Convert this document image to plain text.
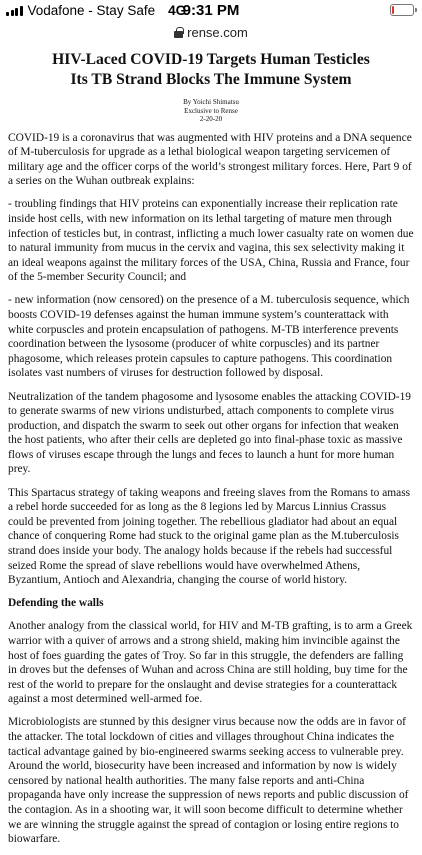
Vodafone - Stay Safe 4G
9:31 PM
rense.com
HIV-Laced COVID-19 Targets Human Testicles
Its TB Strand Blocks The Immune System
By Yoichi Shimatsu
Exclusive to Rense
2-20-20

COVID-19 is a coronavirus that was augmented with HIV proteins and a DNA sequence of M-tuberculosis for upgrade as a lethal biological weapon targeting servicemen of military age and the officer corps of the world’s strongest military forces. Here, Part 9 of a series on the Wuhan outbreak explains:

- troubling findings that HIV proteins can exponentially increase their replication rate inside host cells, with new information on its lethal targeting of mature men through infection of testicles but, in contrast, inflicting a much lower casualty rate on women due to natural immunity from mucus in the cervix and vagina, this sex selectivity making it an ideal weapons against the military forces of the USA, China, Russia and France, four of the 5-member Security Council; and

- new information (now censored) on the presence of a M. tuberculosis sequence, which boosts COVID-19 defenses against the human immune system’s counterattack with white corpuscles and protein encapsulation of pathogens. M-TB interference prevents coordination between the lysosome (producer of white corpuscles) and its partner phagosome, which releases protein capsules to capture pathogens. This coordination isolates vast numbers of viruses for destruction followed by disposal.

Neutralization of the tandem phagosome and lysosome enables the attacking COVID-19 to generate swarms of new virions undisturbed, attach components to complete virus production, and dispatch the swarm to seek out other organs for infection that weaken the host patients, who after their cells are depleted go into final-phase toxic as massive flows of viruses escape through the lungs and feces to launch a hunt for more human prey.

This Spartacus strategy of taking weapons and freeing slaves from the Romans to amass a rebel horde succeeded for as long as the 8 legions led by Marcus Linnius Crassus could be prevented from joining together. The rebellious gladiator had about an equal chance of conquering Rome had stuck to the original game plan as the M.tuberculosis strand does inside your body. The analogy holds because if the rebels had successful seized Rome the spread of slave rebellions would have overwhelmed Athens, Byzantium, Antioch and Alexandria, changing the course of world history.

Defending the walls

Another analogy from the classical world, for HIV and M-TB grafting, is to arm a Greek warrior with a quiver of arrows and a strong shield, making him invincible against the host of foes guarding the gates of Troy. So far in this struggle, the defenders are falling in droves but the defenses of Wuhan and across China are still holding, buy time for the rest of the world to prepare for the onslaught and devise strategies for a counterattack against a most determined well-armed foe.

Microbiologists are stunned by this designer virus because now the odds are in favor of the attacker. The total lockdown of cities and villages throughout China indicates the tactical advantage gained by bio-engineered swarms seeking access to vulnerable prey. Around the world, biosecurity have been increased and information by now is widely censored by national health authorities. The many false reports and anti-China propaganda have only increase the suppression of news reports and public discussion of the contagion. As in a shooting war, it will soon become difficult to determine whether we are winning the struggle against the spread of contagion or losing entire regions to biowarfare.
